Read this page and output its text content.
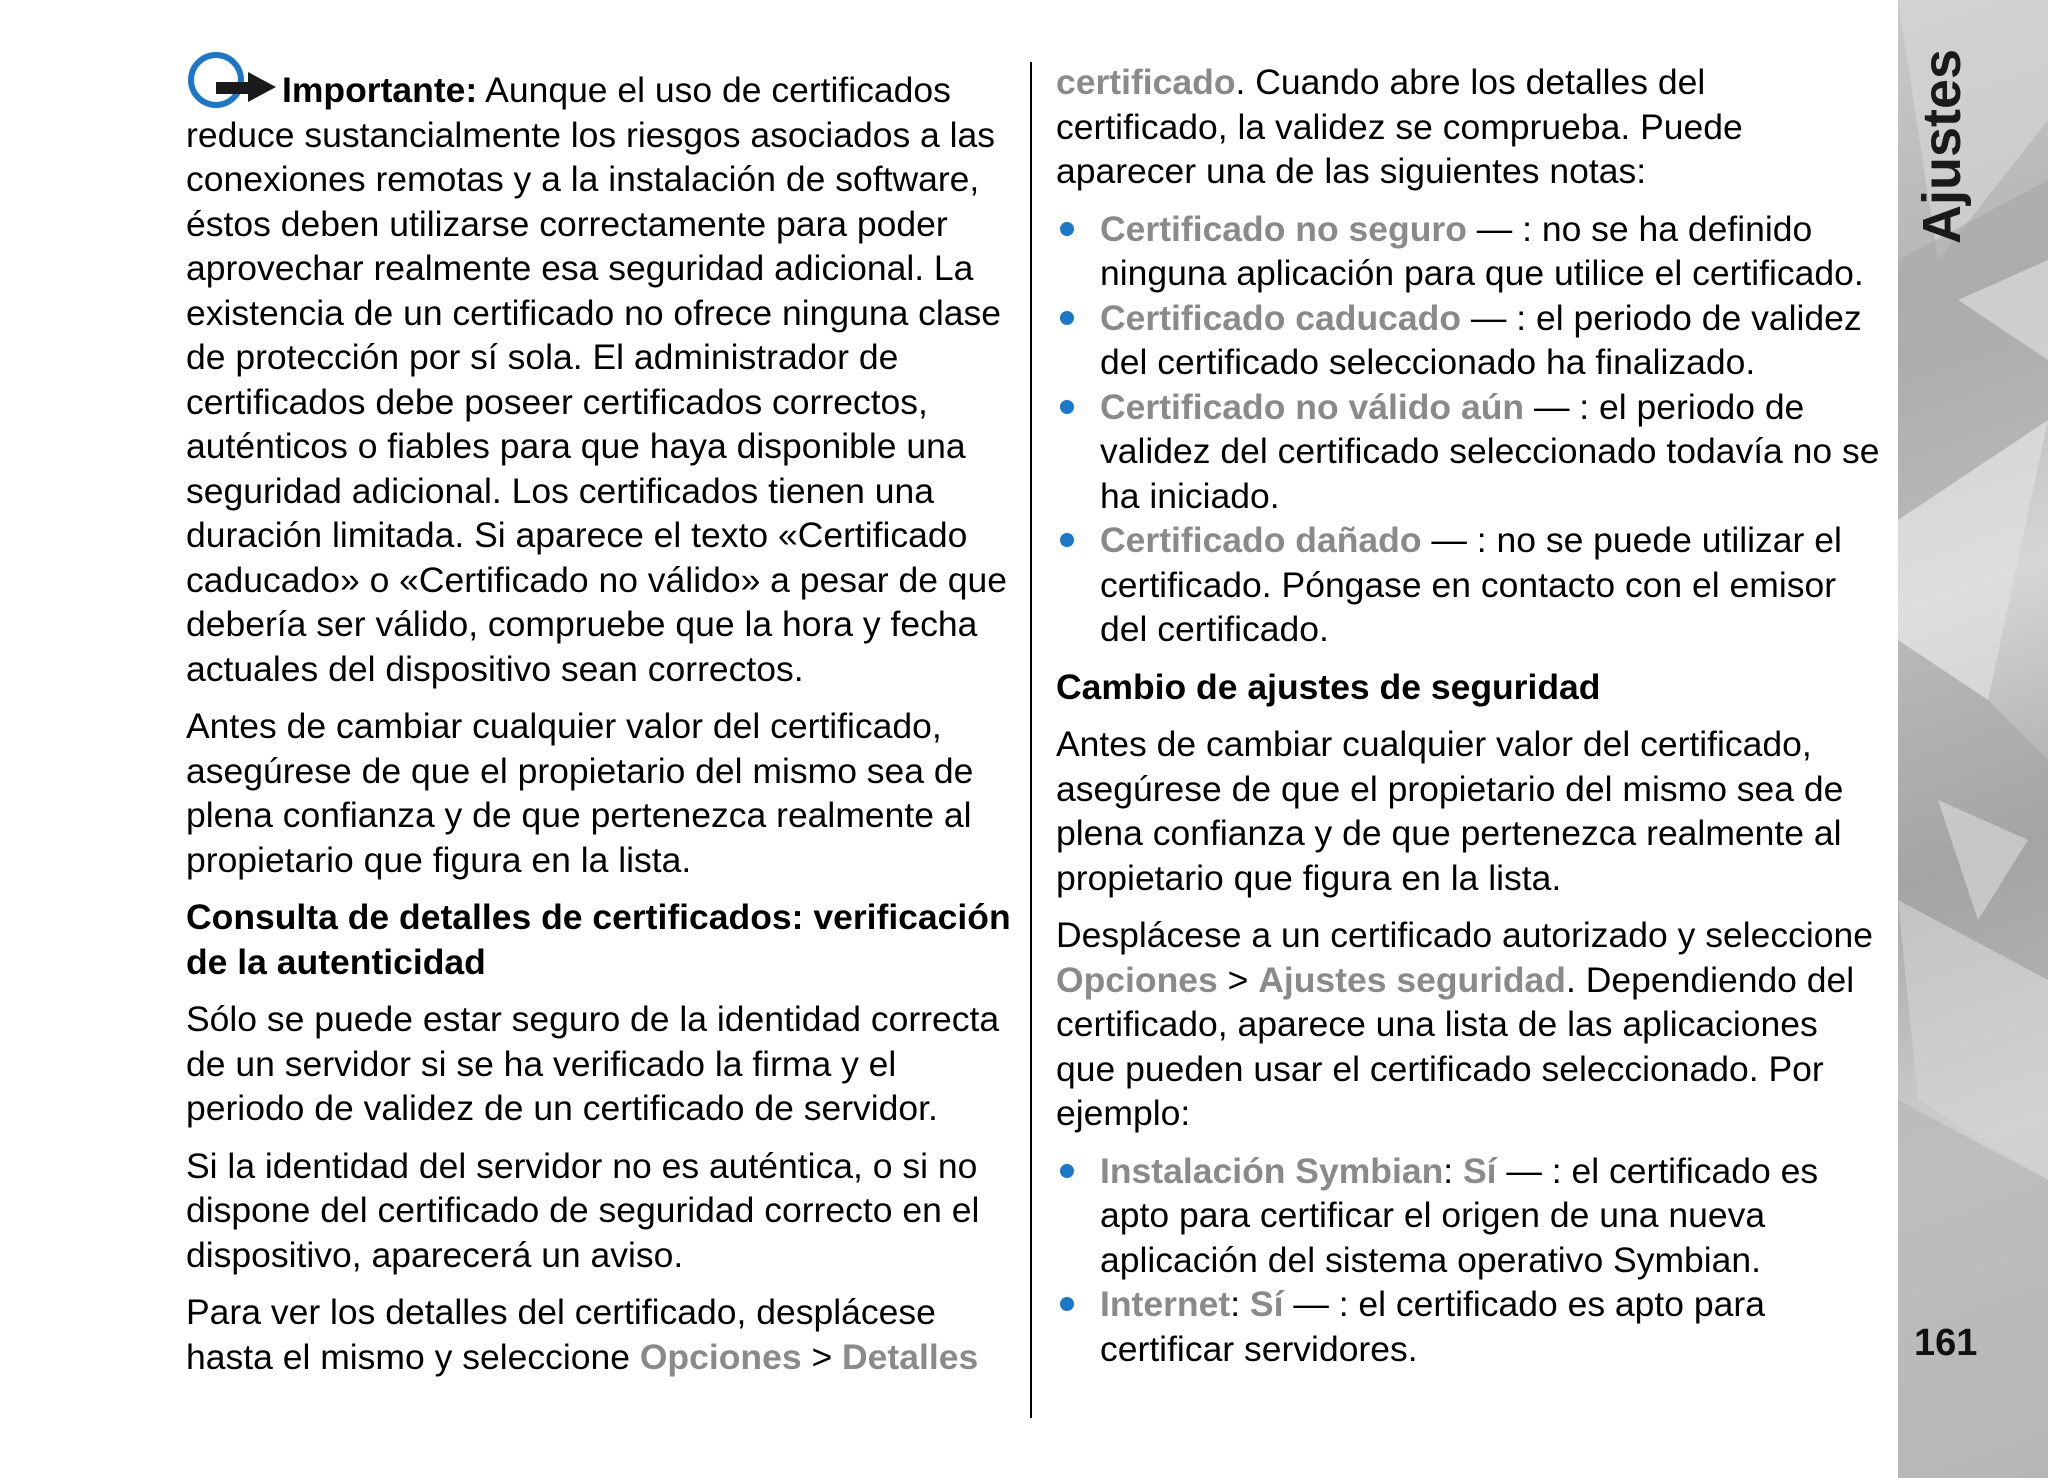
Importante: Aunque el uso de certificados reduce sustancialmente los riesgos asociados a las conexiones remotas y a la instalación de software, éstos deben utilizarse correctamente para poder aprovechar realmente esa seguridad adicional. La existencia de un certificado no ofrece ninguna clase de protección por sí sola. El administrador de certificados debe poseer certificados correctos, auténticos o fiables para que haya disponible una seguridad adicional. Los certificados tienen una duración limitada. Si aparece el texto «Certificado caducado» o «Certificado no válido» a pesar de que debería ser válido, compruebe que la hora y fecha actuales del dispositivo sean correctos.

Antes de cambiar cualquier valor del certificado, asegúrese de que el propietario del mismo sea de plena confianza y de que pertenezca realmente al propietario que figura en la lista.

Consulta de detalles de certificados: verificación de la autenticidad

Sólo se puede estar seguro de la identidad correcta de un servidor si se ha verificado la firma y el periodo de validez de un certificado de servidor.

Si la identidad del servidor no es auténtica, o si no dispone del certificado de seguridad correcto en el dispositivo, aparecerá un aviso.

Para ver los detalles del certificado, desplácese hasta el mismo y seleccione Opciones > Detalles

certificado. Cuando abre los detalles del certificado, la validez se comprueba. Puede aparecer una de las siguientes notas:

Certificado no seguro — : no se ha definido ninguna aplicación para que utilice el certificado.
Certificado caducado — : el periodo de validez del certificado seleccionado ha finalizado.
Certificado no válido aún — : el periodo de validez del certificado seleccionado todavía no se ha iniciado.
Certificado dañado — : no se puede utilizar el certificado. Póngase en contacto con el emisor del certificado.
Cambio de ajustes de seguridad

Antes de cambiar cualquier valor del certificado, asegúrese de que el propietario del mismo sea de plena confianza y de que pertenezca realmente al propietario que figura en la lista.

Desplácese a un certificado autorizado y seleccione Opciones > Ajustes seguridad. Dependiendo del certificado, aparece una lista de las aplicaciones que pueden usar el certificado seleccionado. Por ejemplo:

Instalación Symbian: Sí — : el certificado es apto para certificar el origen de una nueva aplicación del sistema operativo Symbian.
Internet: Sí — : el certificado es apto para certificar servidores.
Ajustes
161
